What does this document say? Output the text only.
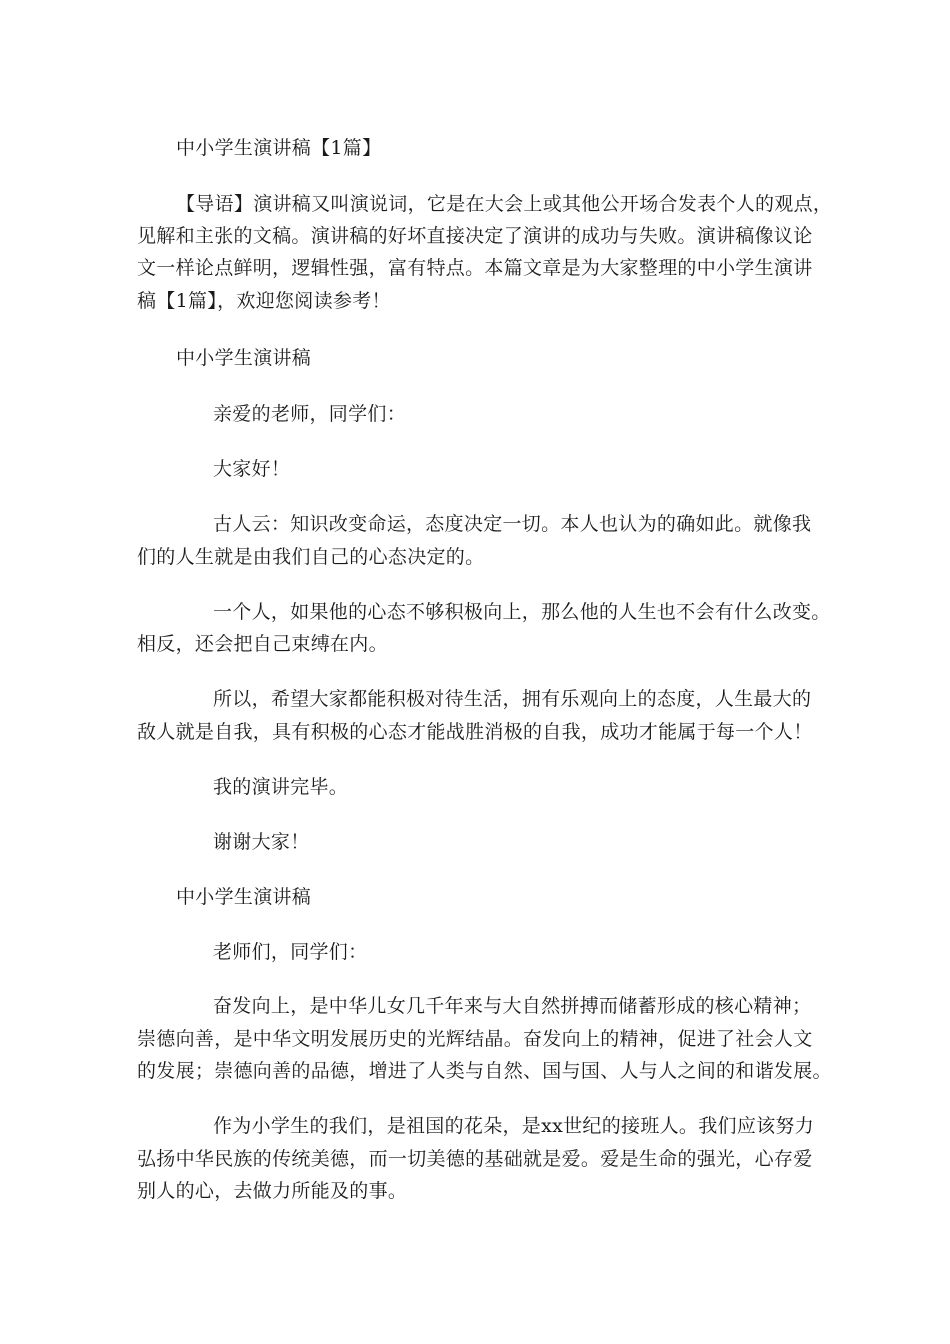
中小学生演讲稿【1篇】
【导语】演讲稿又叫演说词，它是在大会上或其他公开场合发表个人的观点，
见解和主张的文稿。演讲稿的好坏直接决定了演讲的成功与失败。演讲稿像议论
文一样论点鲜明，逻辑性强，富有特点。本篇文章是为大家整理的中小学生演讲
稿【1篇】，欢迎您阅读参考！
中小学生演讲稿
亲爱的老师，同学们：
大家好！
古人云：知识改变命运，态度决定一切。本人也认为的确如此。就像我
们的人生就是由我们自己的心态决定的。
一个人，如果他的心态不够积极向上，那么他的人生也不会有什么改变。
相反，还会把自己束缚在内。
所以，希望大家都能积极对待生活，拥有乐观向上的态度，人生最大的
敌人就是自我，具有积极的心态才能战胜消极的自我，成功才能属于每一个人！
我的演讲完毕。
谢谢大家！
中小学生演讲稿
老师们，同学们：
奋发向上，是中华儿女几千年来与大自然拼搏而储蓄形成的核心精神；
崇德向善，是中华文明发展历史的光辉结晶。奋发向上的精神，促进了社会人文
的发展；崇德向善的品德，增进了人类与自然、国与国、人与人之间的和谐发展。
作为小学生的我们，是祖国的花朵，是xx世纪的接班人。我们应该努力
弘扬中华民族的传统美德，而一切美德的基础就是爱。爱是生命的强光，心存爱
别人的心，去做力所能及的事。
